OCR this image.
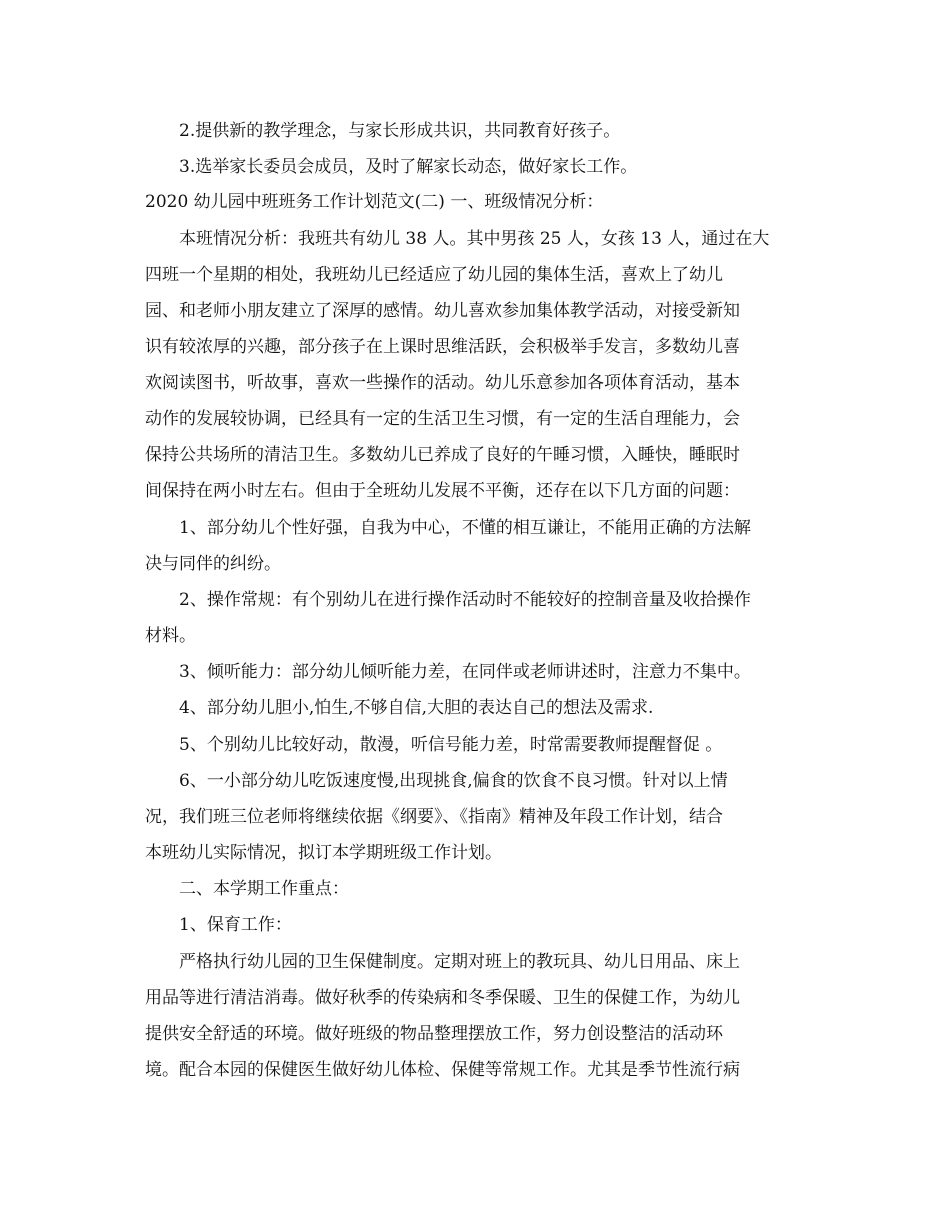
2.提供新的教学理念，与家长形成共识，共同教育好孩子。
3.选举家长委员会成员，及时了解家长动态，做好家长工作。
2020 幼儿园中班班务工作计划范文(二) 一、班级情况分析：
本班情况分析：我班共有幼儿 38 人。其中男孩 25 人，女孩 13 人，通过在大
四班一个星期的相处，我班幼儿已经适应了幼儿园的集体生活，喜欢上了幼儿
园、和老师小朋友建立了深厚的感情。幼儿喜欢参加集体教学活动，对接受新知
识有较浓厚的兴趣，部分孩子在上课时思维活跃，会积极举手发言，多数幼儿喜
欢阅读图书，听故事，喜欢一些操作的活动。幼儿乐意参加各项体育活动，基本
动作的发展较协调，已经具有一定的生活卫生习惯，有一定的生活自理能力，会
保持公共场所的清洁卫生。多数幼儿已养成了良好的午睡习惯，入睡快，睡眠时
间保持在两小时左右。但由于全班幼儿发展不平衡，还存在以下几方面的问题：
1、部分幼儿个性好强，自我为中心，不懂的相互谦让，不能用正确的方法解
决与同伴的纠纷。
2、操作常规：有个别幼儿在进行操作活动时不能较好的控制音量及收拾操作
材料。
3、倾听能力：部分幼儿倾听能力差，在同伴或老师讲述时，注意力不集中。
4、部分幼儿胆小,怕生,不够自信,大胆的表达自己的想法及需求.
5、个别幼儿比较好动，散漫，听信号能力差，时常需要教师提醒督促 。
6、一小部分幼儿吃饭速度慢,出现挑食,偏食的饮食不良习惯。针对以上情
况，我们班三位老师将继续依据《纲要》、《指南》精神及年段工作计划，结合
本班幼儿实际情况，拟订本学期班级工作计划。
二、本学期工作重点：
1、保育工作：
严格执行幼儿园的卫生保健制度。定期对班上的教玩具、幼儿日用品、床上
用品等进行清洁消毒。做好秋季的传染病和冬季保暖、卫生的保健工作，为幼儿
提供安全舒适的环境。做好班级的物品整理摆放工作，努力创设整洁的活动环
境。配合本园的保健医生做好幼儿体检、保健等常规工作。尤其是季节性流行病
